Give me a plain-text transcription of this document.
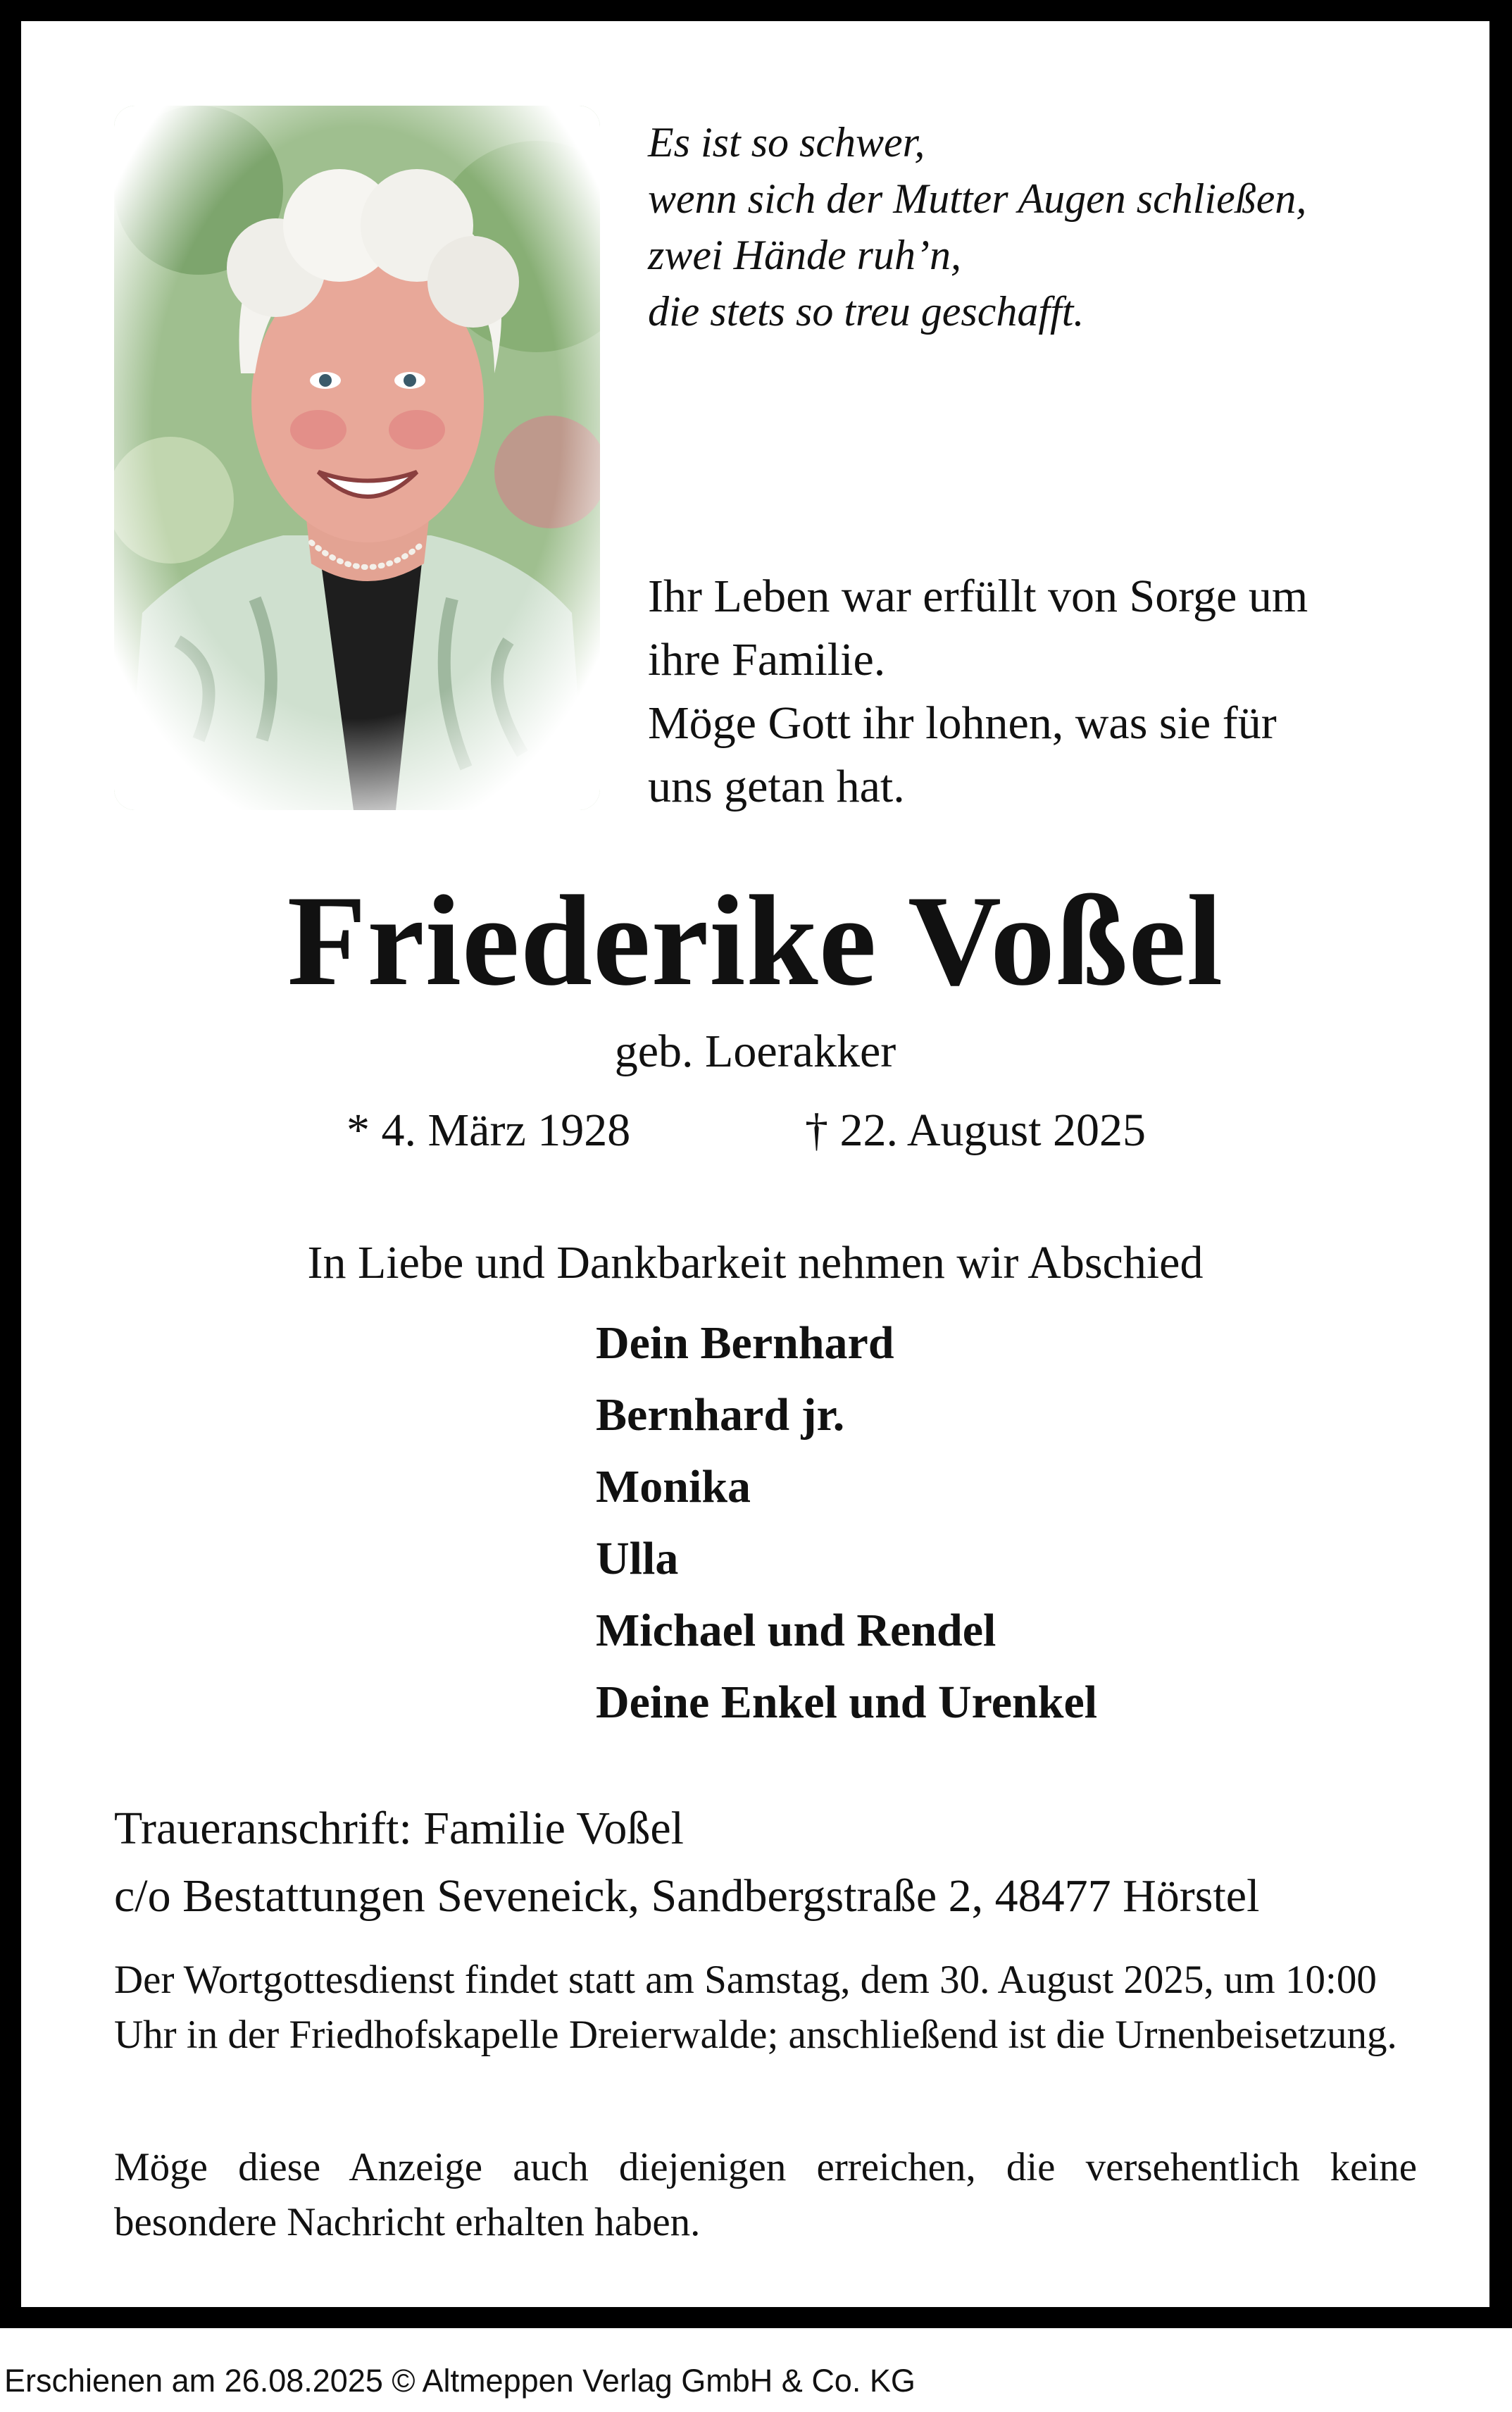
Es ist so schwer,
wenn sich der Mutter Augen schließen,
zwei Hände ruh’n,
die stets so treu geschafft.
Ihr Leben war erfüllt von Sorge um
ihre Familie.
Möge Gott ihr lohnen, was sie für
uns getan hat.
Friederike Voßel
geb. Loerakker
* 4. März 1928	† 22. August 2025
In Liebe und Dankbarkeit nehmen wir Abschied
Dein Bernhard
Bernhard jr.
Monika
Ulla
Michael und Rendel
Deine Enkel und Urenkel
Traueranschrift: Familie Voßel
c/o Bestattungen Seveneick, Sandbergstraße 2, 48477 Hörstel
Der Wortgottesdienst findet statt am Samstag, dem 30. August 2025, um 10:00 Uhr in der Friedhofskapelle Dreierwalde; anschließend ist die Urnenbeisetzung.
Möge diese Anzeige auch diejenigen erreichen, die versehentlich keine besondere Nachricht erhalten haben.
Erschienen am 26.08.2025 © Altmeppen Verlag GmbH & Co. KG
